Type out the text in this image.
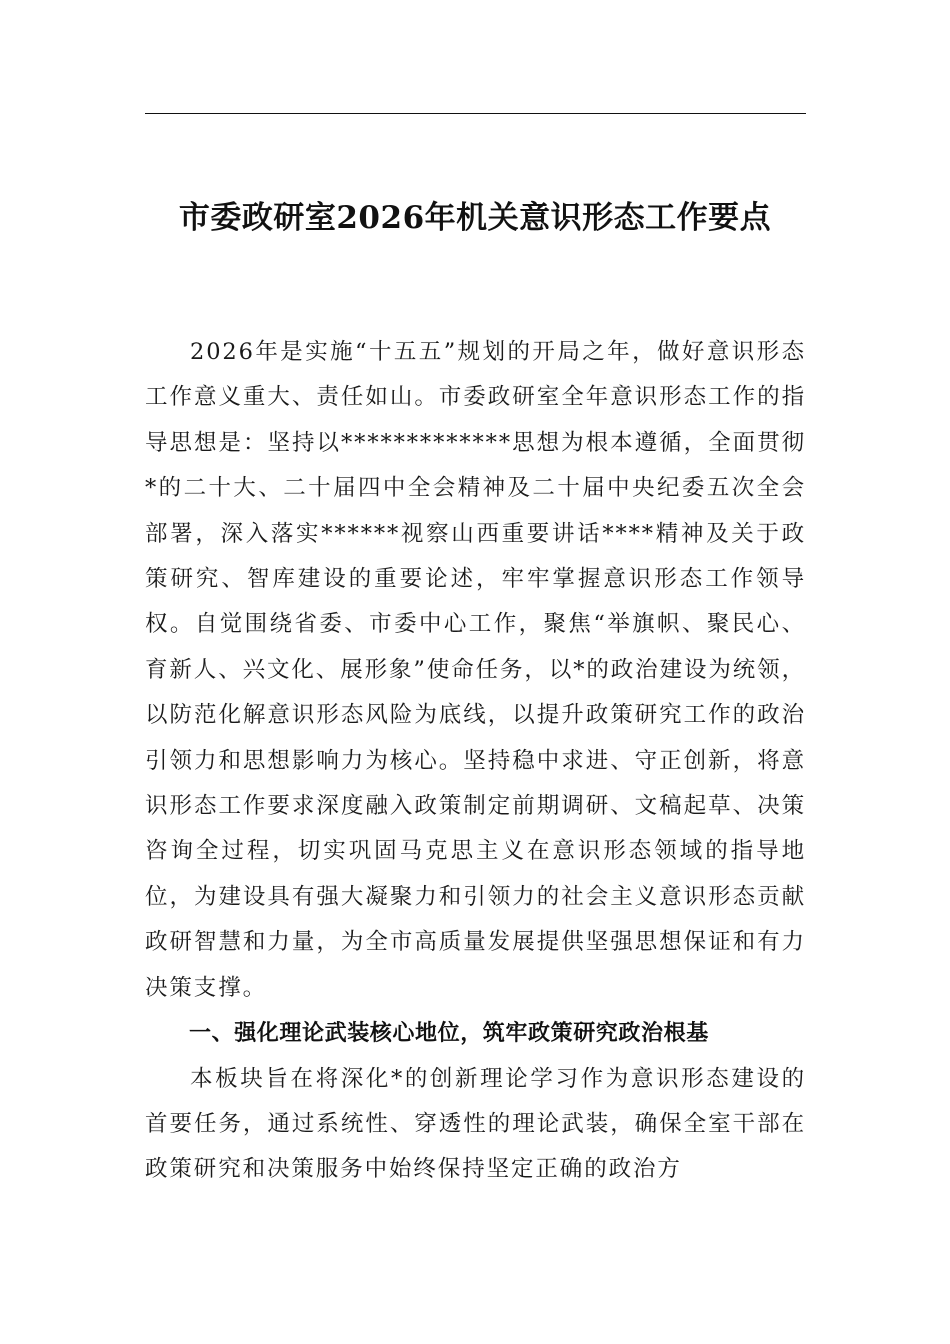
市委政研室2026年机关意识形态工作要点

2026年是实施“十五五”规划的开局之年，做好意识形态工作意义重大、责任如山。市委政研室全年意识形态工作的指导思想是：坚持以*************思想为根本遵循，全面贯彻*的二十大、二十届四中全会精神及二十届中央纪委五次全会部署，深入落实******视察山西重要讲话****精神及关于政策研究、智库建设的重要论述，牢牢掌握意识形态工作领导权。自觉围绕省委、市委中心工作，聚焦“举旗帜、聚民心、育新人、兴文化、展形象”使命任务，以*的政治建设为统领，以防范化解意识形态风险为底线，以提升政策研究工作的政治引领力和思想影响力为核心。坚持稳中求进、守正创新，将意识形态工作要求深度融入政策制定前期调研、文稿起草、决策咨询全过程，切实巩固马克思主义在意识形态领域的指导地位，为建设具有强大凝聚力和引领力的社会主义意识形态贡献政研智慧和力量，为全市高质量发展提供坚强思想保证和有力决策支撑。

一、强化理论武装核心地位，筑牢政策研究政治根基

本板块旨在将深化*的创新理论学习作为意识形态建设的首要任务，通过系统性、穿透性的理论武装，确保全室干部在政策研究和决策服务中始终保持坚定正确的政治方
